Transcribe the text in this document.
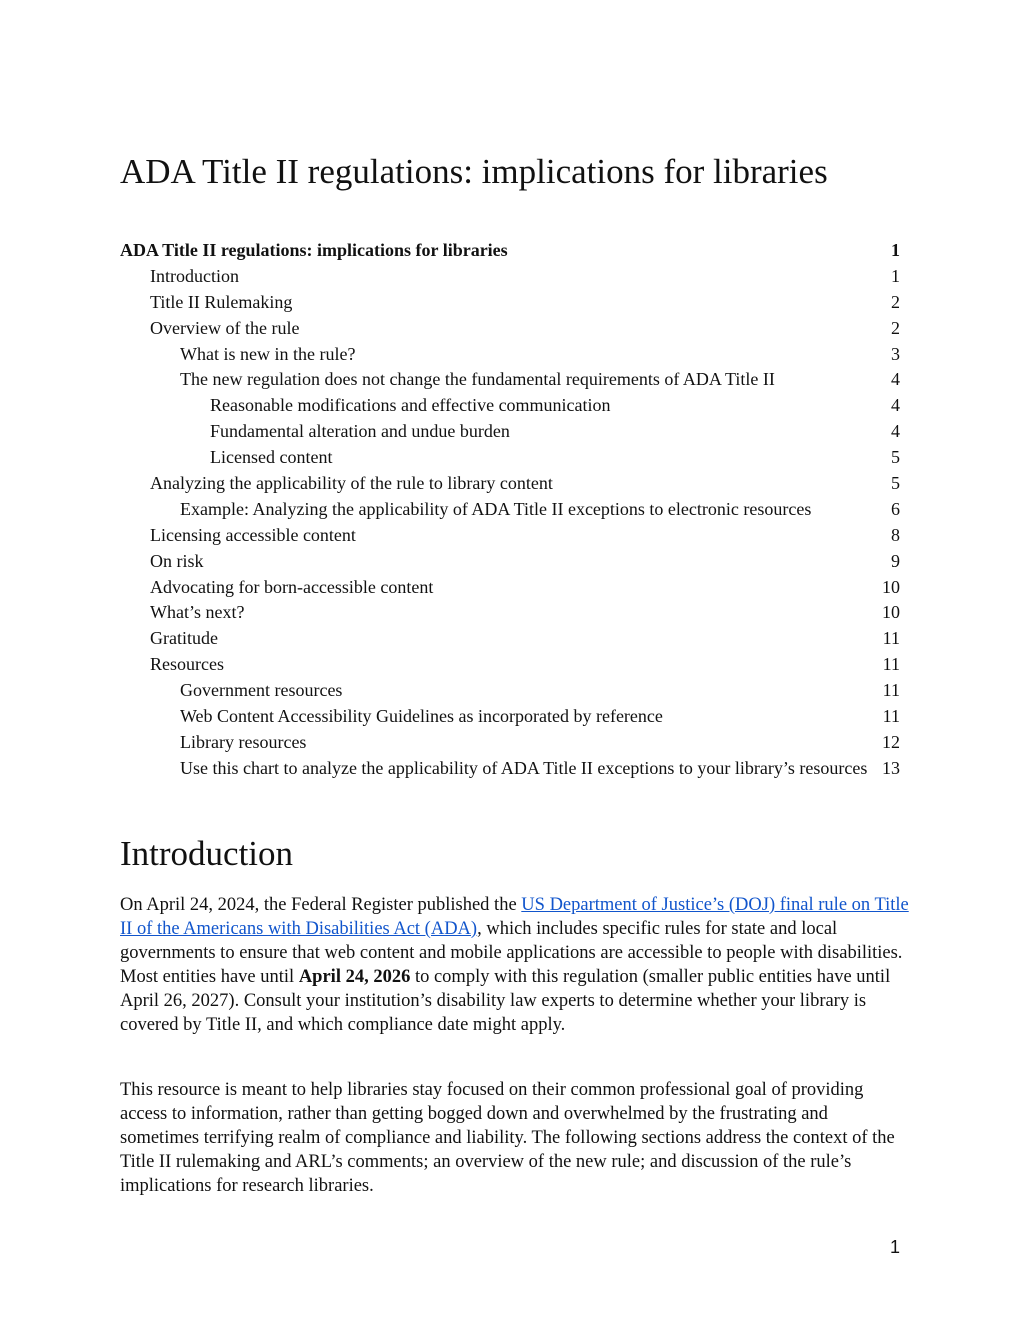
ADA Title II regulations: implications for libraries
ADA Title II regulations: implications for libraries	1
Introduction	1
Title II Rulemaking	2
Overview of the rule	2
What is new in the rule?	3
The new regulation does not change the fundamental requirements of ADA Title II	4
Reasonable modifications and effective communication	4
Fundamental alteration and undue burden	4
Licensed content	5
Analyzing the applicability of the rule to library content	5
Example: Analyzing the applicability of ADA Title II exceptions to electronic resources	6
Licensing accessible content	8
On risk	9
Advocating for born-accessible content	10
What’s next?	10
Gratitude	11
Resources	11
Government resources	11
Web Content Accessibility Guidelines as incorporated by reference	11
Library resources	12
Use this chart to analyze the applicability of ADA Title II exceptions to your library’s resources 13
Introduction

On April 24, 2024, the Federal Register published the US Department of Justice’s (DOJ) final rule on Title II of the Americans with Disabilities Act (ADA), which includes specific rules for state and local governments to ensure that web content and mobile applications are accessible to people with disabilities. Most entities have until April 24, 2026 to comply with this regulation (smaller public entities have until April 26, 2027). Consult your institution’s disability law experts to determine whether your library is covered by Title II, and which compliance date might apply.

This resource is meant to help libraries stay focused on their common professional goal of providing access to information, rather than getting bogged down and overwhelmed by the frustrating and sometimes terrifying realm of compliance and liability. The following sections address the context of the Title II rulemaking and ARL’s comments; an overview of the new rule; and discussion of the rule’s implications for research libraries.

1
